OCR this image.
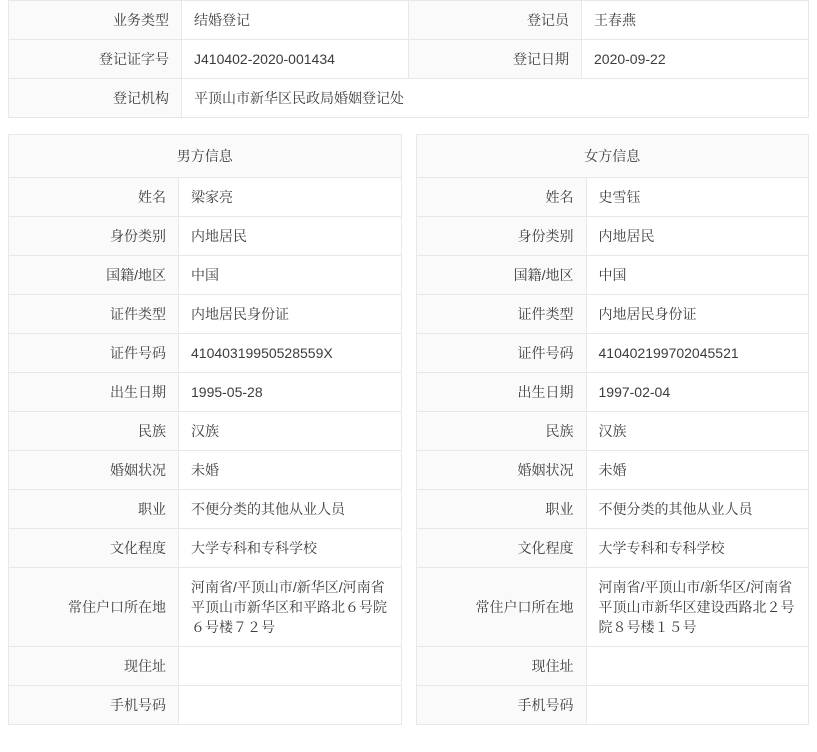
业务类型	结婚登记	登记员	王春燕
登记证字号	J410402-2020-001434	登记日期	2020-09-22
登记机构	平顶山市新华区民政局婚姻登记处		
男方信息
姓名	梁家亮
身份类别	内地居民
国籍/地区	中国
证件类型	内地居民身份证
证件号码	41040319950528559X
出生日期	1995-05-28
民族	汉族
婚姻状况	未婚
职业	不便分类的其他从业人员
文化程度	大学专科和专科学校
常住户口所在地	河南省/平顶山市/新华区/河南省平顶山市新华区和平路北６号院６号楼７２号
现住址	
手机号码	
女方信息
姓名	史雪钰
身份类别	内地居民
国籍/地区	中国
证件类型	内地居民身份证
证件号码	410402199702045521
出生日期	1997-02-04
民族	汉族
婚姻状况	未婚
职业	不便分类的其他从业人员
文化程度	大学专科和专科学校
常住户口所在地	河南省/平顶山市/新华区/河南省平顶山市新华区建设西路北２号院８号楼１５号
现住址	
手机号码	
